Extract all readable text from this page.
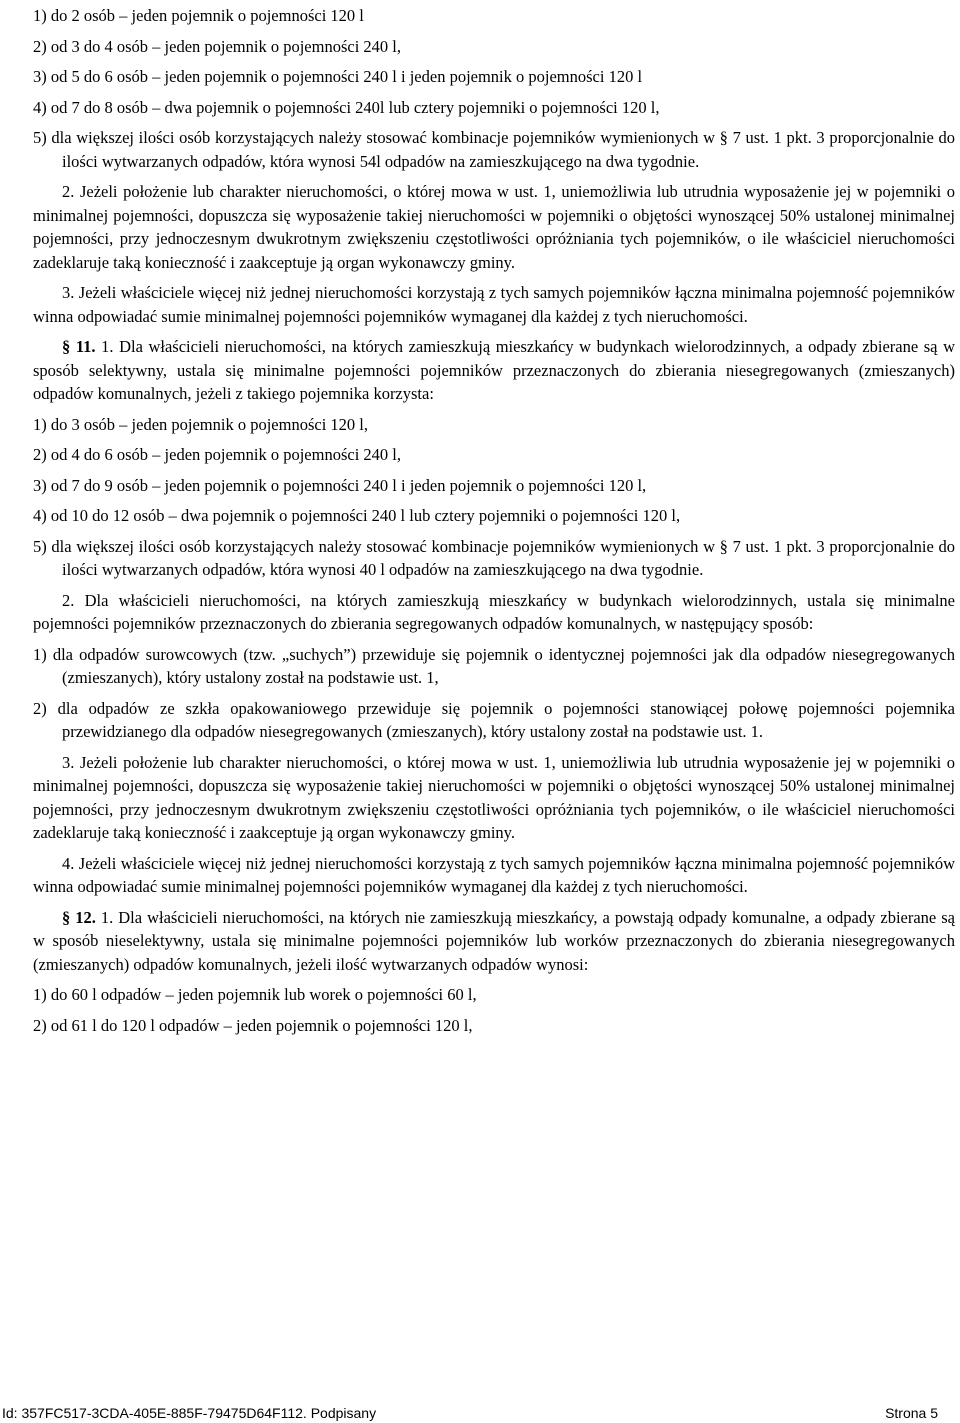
1) do 2 osób – jeden pojemnik o pojemności 120 l
2) od 3 do 4 osób – jeden pojemnik o pojemności 240 l,
3) od 5 do 6 osób – jeden pojemnik o pojemności 240 l i jeden pojemnik o pojemności 120 l
4) od 7 do 8 osób – dwa pojemnik o pojemności 240l lub cztery pojemniki o pojemności 120 l,
5) dla większej ilości osób korzystających należy stosować kombinacje pojemników wymienionych w § 7 ust. 1 pkt. 3 proporcjonalnie do ilości wytwarzanych odpadów, która wynosi 54l odpadów na zamieszkującego na dwa tygodnie.
2. Jeżeli położenie lub charakter nieruchomości, o której mowa w ust. 1, uniemożliwia lub utrudnia wyposażenie jej w pojemniki o minimalnej pojemności, dopuszcza się wyposażenie takiej nieruchomości w pojemniki o objętości wynoszącej 50% ustalonej minimalnej pojemności, przy jednoczesnym dwukrotnym zwiększeniu częstotliwości opróżniania tych pojemników, o ile właściciel nieruchomości zadeklaruje taką konieczność i zaakceptuje ją organ wykonawczy gminy.
3. Jeżeli właściciele więcej niż jednej nieruchomości korzystają z tych samych pojemników łączna minimalna pojemność pojemników winna odpowiadać sumie minimalnej pojemności pojemników wymaganej dla każdej z tych nieruchomości.
§ 11. 1. Dla właścicieli nieruchomości, na których zamieszkują mieszkańcy w budynkach wielorodzinnych, a odpady zbierane są w sposób selektywny, ustala się minimalne pojemności pojemników przeznaczonych do zbierania niesegregowanych (zmieszanych) odpadów komunalnych, jeżeli z takiego pojemnika korzysta:
1) do 3 osób – jeden pojemnik o pojemności 120 l,
2) od 4 do 6 osób – jeden pojemnik o pojemności 240 l,
3) od 7 do 9 osób – jeden pojemnik o pojemności 240 l i jeden pojemnik o pojemności 120 l,
4) od 10 do 12 osób – dwa pojemnik o pojemności 240 l lub cztery pojemniki o pojemności 120 l,
5) dla większej ilości osób korzystających należy stosować kombinacje pojemników wymienionych w § 7 ust. 1 pkt. 3 proporcjonalnie do ilości wytwarzanych odpadów, która wynosi 40 l odpadów na zamieszkującego na dwa tygodnie.
2. Dla właścicieli nieruchomości, na których zamieszkują mieszkańcy w budynkach wielorodzinnych, ustala się minimalne pojemności pojemników przeznaczonych do zbierania segregowanych odpadów komunalnych, w następujący sposób:
1) dla odpadów surowcowych (tzw. „suchych”) przewiduje się pojemnik o identycznej pojemności jak dla odpadów niesegregowanych (zmieszanych), który ustalony został na podstawie ust. 1,
2) dla odpadów ze szkła opakowaniowego przewiduje się pojemnik o pojemności stanowiącej połowę pojemności pojemnika przewidzianego dla odpadów niesegregowanych (zmieszanych), który ustalony został na podstawie ust. 1.
3. Jeżeli położenie lub charakter nieruchomości, o której mowa w ust. 1, uniemożliwia lub utrudnia wyposażenie jej w pojemniki o minimalnej pojemności, dopuszcza się wyposażenie takiej nieruchomości w pojemniki o objętości wynoszącej 50% ustalonej minimalnej pojemności, przy jednoczesnym dwukrotnym zwiększeniu częstotliwości opróżniania tych pojemników, o ile właściciel nieruchomości zadeklaruje taką konieczność i zaakceptuje ją organ wykonawczy gminy.
4. Jeżeli właściciele więcej niż jednej nieruchomości korzystają z tych samych pojemników łączna minimalna pojemność pojemników winna odpowiadać sumie minimalnej pojemności pojemników wymaganej dla każdej z tych nieruchomości.
§ 12. 1. Dla właścicieli nieruchomości, na których nie zamieszkują mieszkańcy, a powstają odpady komunalne, a odpady zbierane są w sposób nieselektywny, ustala się minimalne pojemności pojemników lub worków przeznaczonych do zbierania niesegregowanych (zmieszanych) odpadów komunalnych, jeżeli ilość wytwarzanych odpadów wynosi:
1) do 60 l odpadów – jeden pojemnik lub worek o pojemności 60 l,
2) od 61 l do 120 l odpadów – jeden pojemnik o pojemności 120 l,
Id: 357FC517-3CDA-405E-885F-79475D64F112. Podpisany	Strona 5
